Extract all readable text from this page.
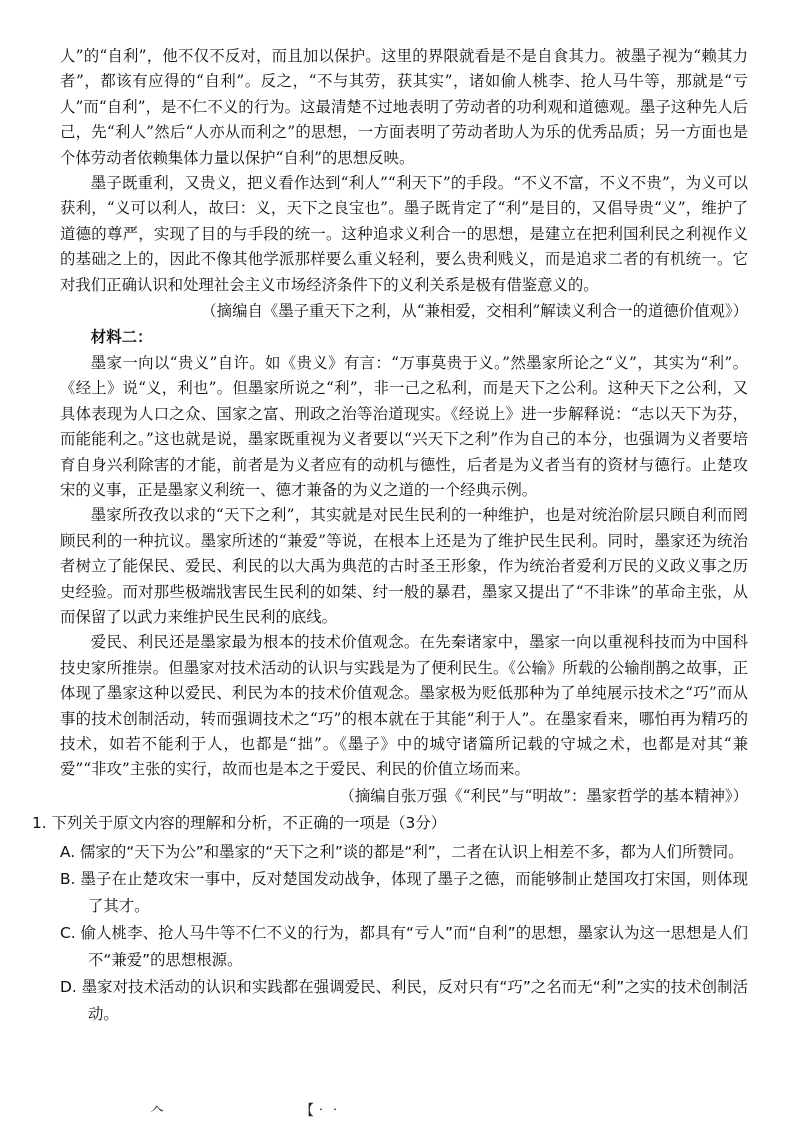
人”的“自利”，他不仅不反对，而且加以保护。这里的界限就看是不是自食其力。被墨子视为“赖其力者”，都该有应得的“自利”。反之，“不与其劳，获其实”，诸如偷人桃李、抢人马牛等，那就是“亏人”而“自利”，是不仁不义的行为。这最清楚不过地表明了劳动者的功利观和道德观。墨子这种先人后己，先“利人”然后“人亦从而利之”的思想，一方面表明了劳动者助人为乐的优秀品质；另一方面也是个体劳动者依赖集体力量以保护“自利”的思想反映。

墨子既重利，又贵义，把义看作达到“利人”“利天下”的手段。“不义不富，不义不贵”，为义可以获利，“义可以利人，故曰：义，天下之良宝也”。墨子既肯定了“利”是目的，又倡导贵“义”，维护了道德的尊严，实现了目的与手段的统一。这种追求义利合一的思想，是建立在把利国利民之利视作义的基础之上的，因此不像其他学派那样要么重义轻利，要么贵利贱义，而是追求二者的有机统一。它对我们正确认识和处理社会主义市场经济条件下的义利关系是极有借鉴意义的。

（摘编自《墨子重天下之利，从“兼相爱，交相利”解读义利合一的道德价值观》）

材料二：

墨家一向以“贵义”自许。如《贵义》有言：“万事莫贵于义。”然墨家所论之“义”，其实为“利”。《经上》说“义，利也”。但墨家所说之“利”，非一己之私利，而是天下之公利。这种天下之公利，又具体表现为人口之众、国家之富、刑政之治等治道现实。《经说上》进一步解释说：“志以天下为芬，而能能利之。”这也就是说，墨家既重视为义者要以“兴天下之利”作为自己的本分，也强调为义者要培育自身兴利除害的才能，前者是为义者应有的动机与德性，后者是为义者当有的资材与德行。止楚攻宋的义事，正是墨家义利统一、德才兼备的为义之道的一个经典示例。

墨家所孜孜以求的“天下之利”，其实就是对民生民利的一种维护，也是对统治阶层只顾自利而罔顾民利的一种抗议。墨家所述的“兼爱”等说，在根本上还是为了维护民生民利。同时，墨家还为统治者树立了能保民、爱民、利民的以大禹为典范的古时圣王形象，作为统治者爱利万民的义政义事之历史经验。而对那些极端戕害民生民利的如桀、纣一般的暴君，墨家又提出了“不非诛”的革命主张，从而保留了以武力来维护民生民利的底线。

爱民、利民还是墨家最为根本的技术价值观念。在先秦诸家中，墨家一向以重视科技而为中国科技史家所推崇。但墨家对技术活动的认识与实践是为了便利民生。《公输》所载的公输削鹊之故事，正体现了墨家这种以爱民、利民为本的技术价值观念。墨家极为贬低那种为了单纯展示技术之“巧”而从事的技术创制活动，转而强调技术之“巧”的根本就在于其能“利于人”。在墨家看来，哪怕再为精巧的技术，如若不能利于人，也都是“拙”。《墨子》中的城守诸篇所记载的守城之术，也都是对其“兼爱”“非攻”主张的实行，故而也是本之于爱民、利民的价值立场而来。

（摘编自张万强《“利民”与“明故”：墨家哲学的基本精神》）

1. 下列关于原文内容的理解和分析，不正确的一项是（3分）

A. 儒家的“天下为公”和墨家的“天下之利”谈的都是“利”，二者在认识上相差不多，都为人们所赞同。
B. 墨子在止楚攻宋一事中，反对楚国发动战争，体现了墨子之德，而能够制止楚国攻打宋国，则体现了其才。
C. 偷人桃李、抢人马牛等不仁不义的行为，都具有“亏人”而“自利”的思想，墨家认为这一思想是人们不“兼爱”的思想根源。
D. 墨家对技术活动的认识和实践都在强调爱民、利民，反对只有“巧”之名而无“利”之实的技术创制活动。
𠆢	【‧‧
